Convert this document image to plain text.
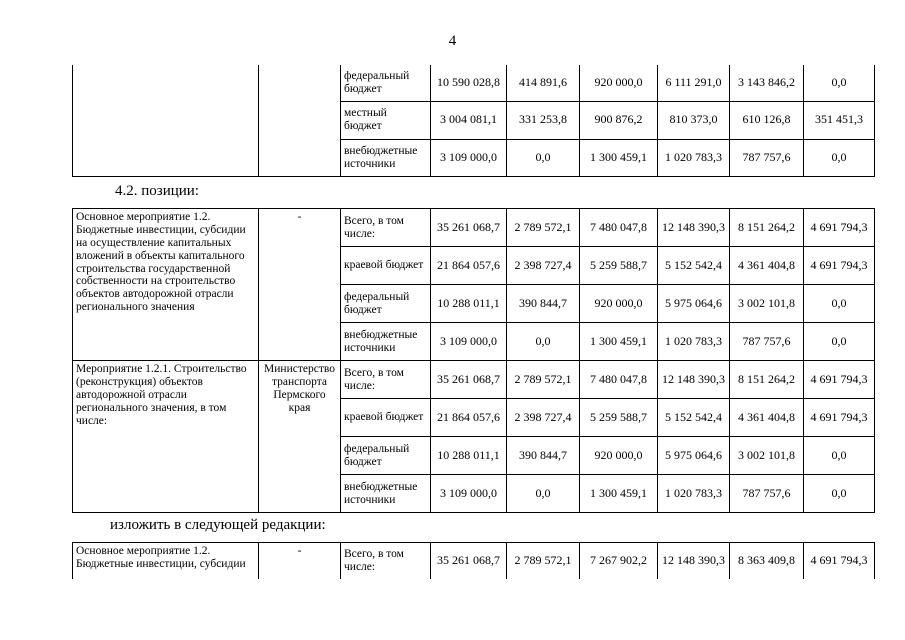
4
		федеральный бюджет	10 590 028,8	414 891,6	920 000,0	6 111 291,0	3 143 846,2	0,0
		местный бюджет	3 004 081,1	331 253,8	900 876,2	810 373,0	610 126,8	351 451,3
		внебюджетные источники	3 109 000,0	0,0	1 300 459,1	1 020 783,3	787 757,6	0,0
4.2. позиции:
Основное мероприятие 1.2. Бюджетные инвестиции, субсидии на осуществление капитальных вложений в объекты капитального строительства государственной собственности на строительство объектов автодорожной отрасли регионального значения	-	Всего, в том числе:	35 261 068,7	2 789 572,1	7 480 047,8	12 148 390,3	8 151 264,2	4 691 794,3
		краевой бюджет	21 864 057,6	2 398 727,4	5 259 588,7	5 152 542,4	4 361 404,8	4 691 794,3
		федеральный бюджет	10 288 011,1	390 844,7	920 000,0	5 975 064,6	3 002 101,8	0,0
		внебюджетные источники	3 109 000,0	0,0	1 300 459,1	1 020 783,3	787 757,6	0,0
Мероприятие 1.2.1. Строительство (реконструкция) объектов автодорожной отрасли регионального значения, в том числе:	Министерство транспорта Пермского края	Всего, в том числе:	35 261 068,7	2 789 572,1	7 480 047,8	12 148 390,3	8 151 264,2	4 691 794,3
		краевой бюджет	21 864 057,6	2 398 727,4	5 259 588,7	5 152 542,4	4 361 404,8	4 691 794,3
		федеральный бюджет	10 288 011,1	390 844,7	920 000,0	5 975 064,6	3 002 101,8	0,0
		внебюджетные источники	3 109 000,0	0,0	1 300 459,1	1 020 783,3	787 757,6	0,0
изложить в следующей редакции:
Основное мероприятие 1.2. Бюджетные инвестиции, субсидии	-	Всего, в том числе:	35 261 068,7	2 789 572,1	7 267 902,2	12 148 390,3	8 363 409,8	4 691 794,3
